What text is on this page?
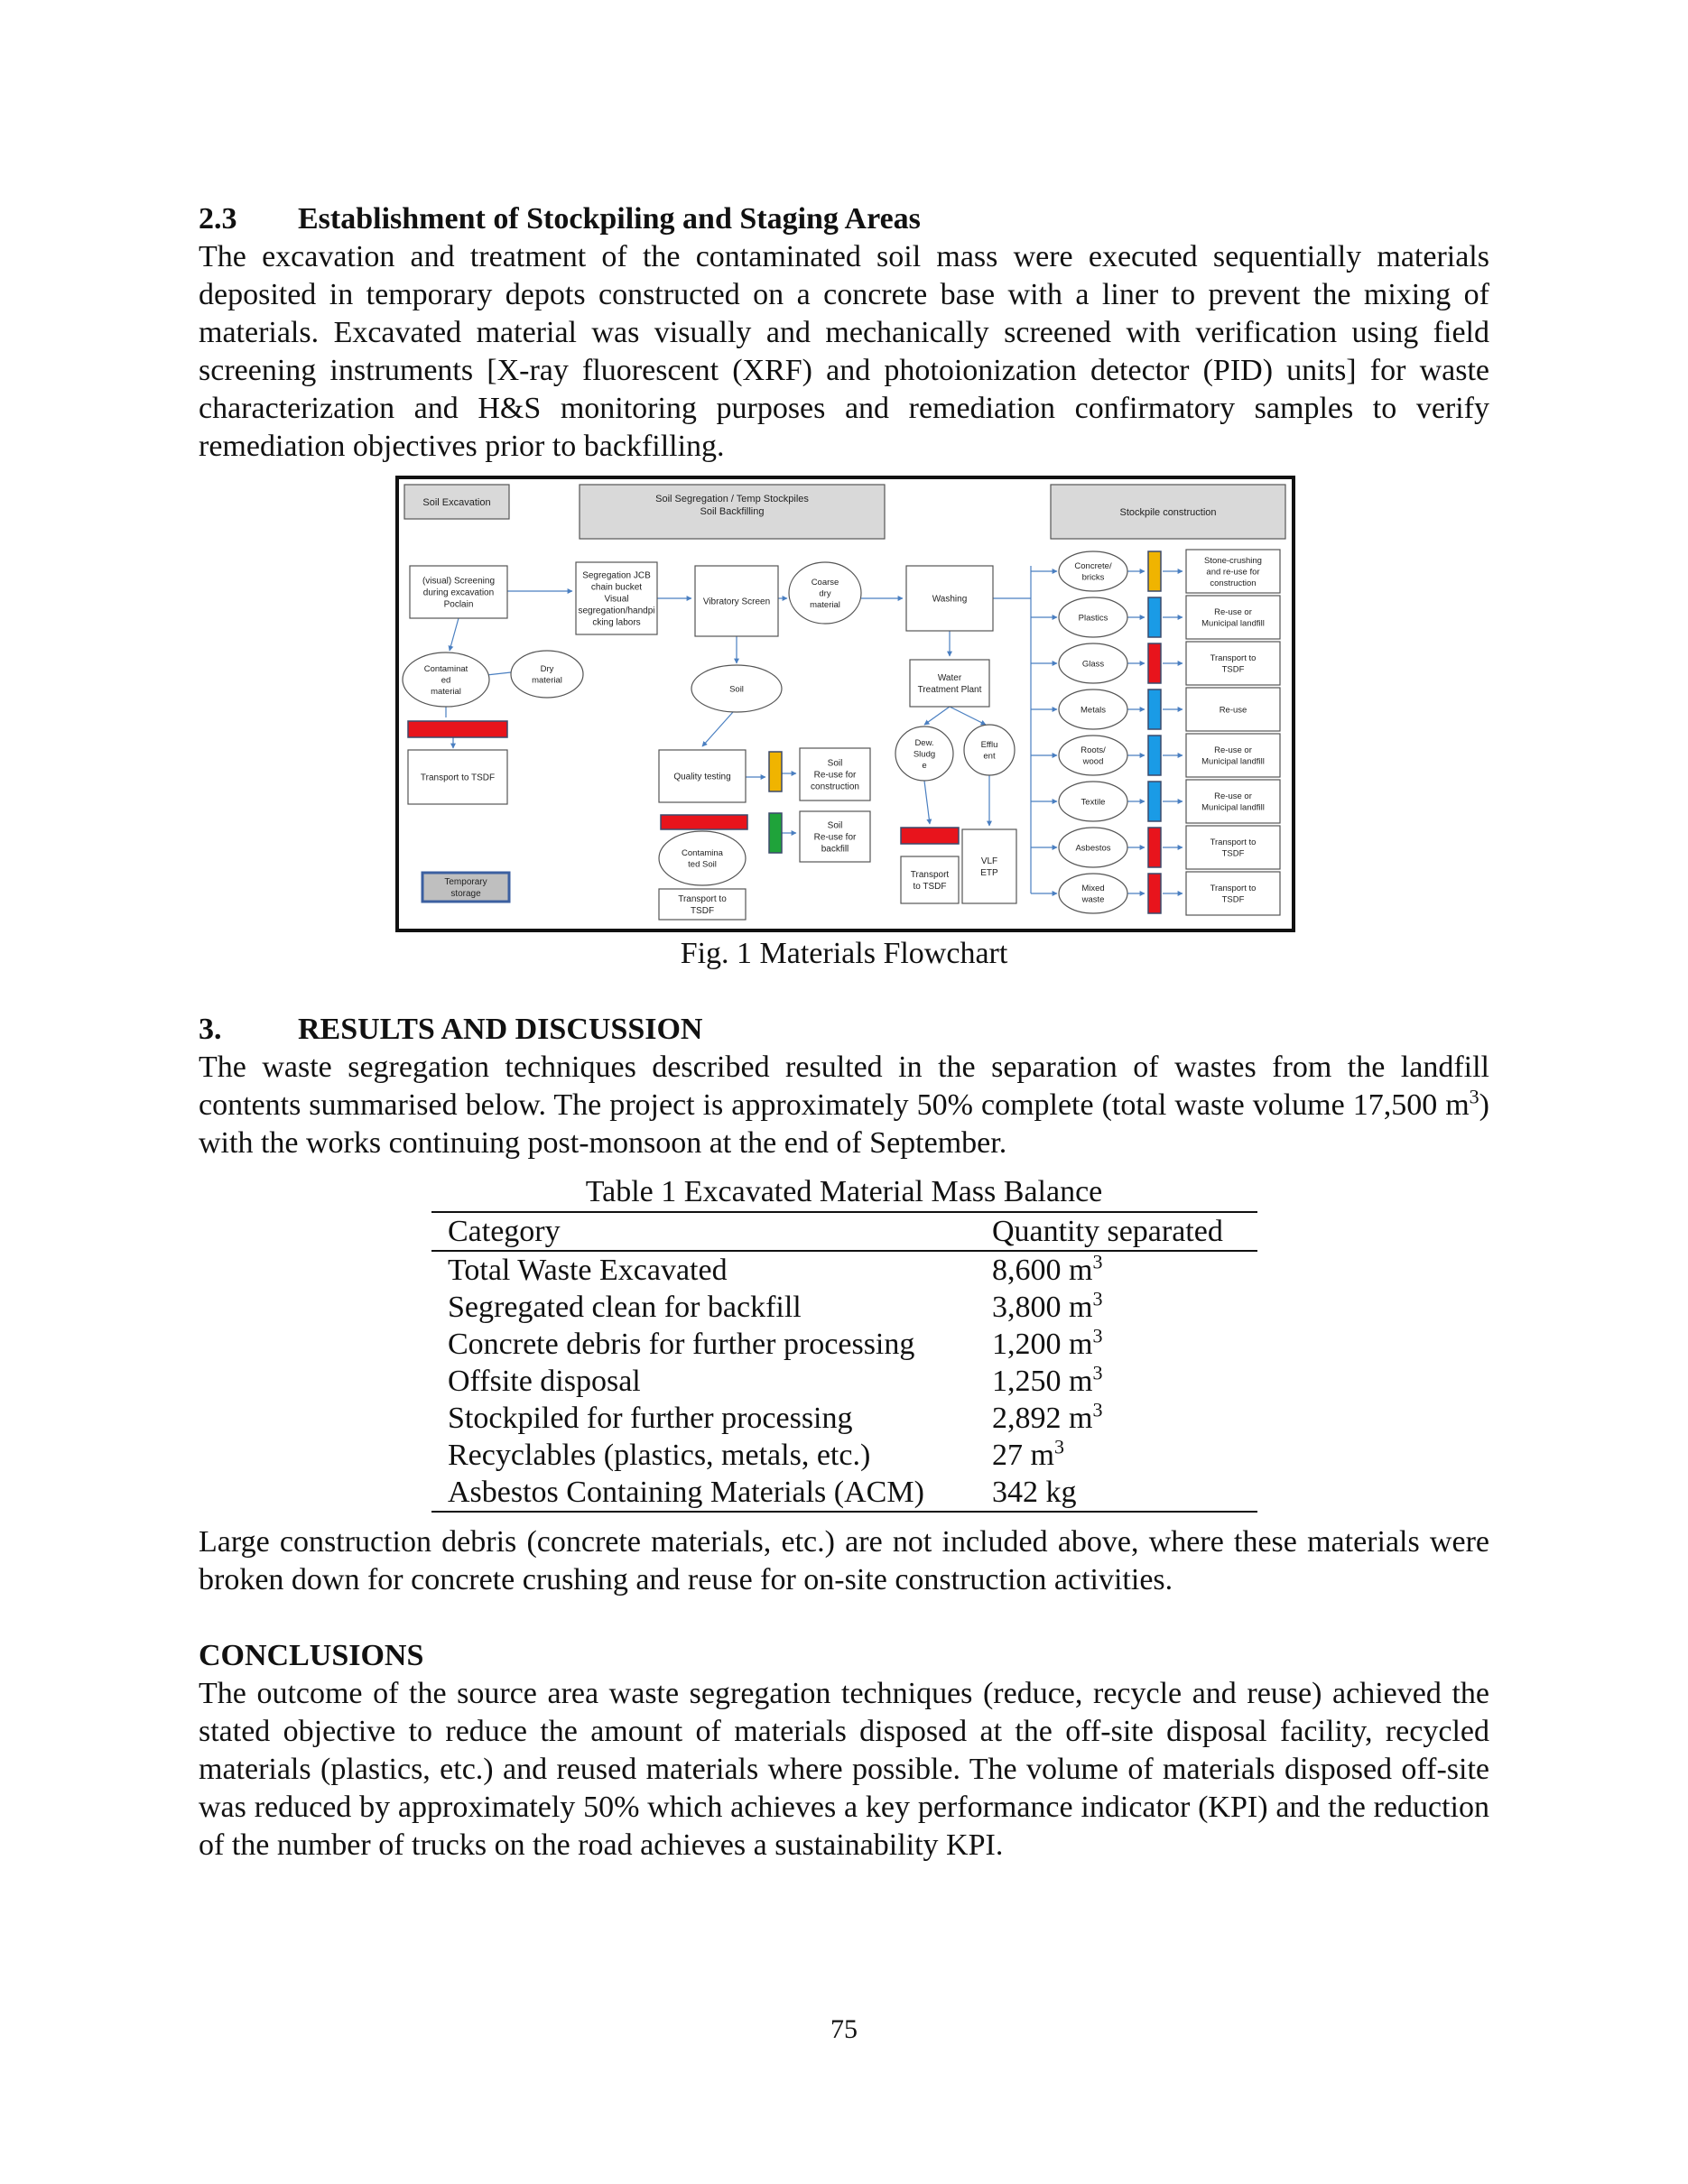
2.3 Establishment of Stockpiling and Staging Areas
The excavation and treatment of the contaminated soil mass were executed sequentially materials deposited in temporary depots constructed on a concrete base with a liner to prevent the mixing of materials. Excavated material was visually and mechanically screened with verification using field screening instruments [X-ray fluorescent (XRF) and photoionization detector (PID) units] for waste characterization and H&S monitoring purposes and remediation confirmatory samples to verify remediation objectives prior to backfilling.
Soil Excavation	Soil Segregation / Temp Stockpiles Soil Backfilling	Stockpile construction
(visual) Screening during excavation Poclain
Contaminat ed material
Dry material
Transport to TSDF
Temporary storage
Segregation JCB chain bucket Visual segregation/handpi cking labors
Vibratory Screen
Coarse dry material
Soil
Quality testing
Contamina ted Soil
Transport to TSDF
Soil Re-use for construction
Soil Re-use for backfill
Washing
Water Treatment Plant
Dew. Sludg e
Efflu ent
Transport to TSDF
VLF ETP
Concrete/ bricks
Stone-crushing and re-use for construction
Plastics
Re-use or Municipal landfill
Glass
Transport to TSDF
Metals	Re-use
Roots/ wood
Re-use or Municipal landfill
Textile
Re-use or Municipal landfill
Asbestos
Transport to TSDF
Mixed waste
Transport to TSDF
Fig. 1 Materials Flowchart
3. RESULTS AND DISCUSSION
The waste segregation techniques described resulted in the separation of wastes from the landfill contents summarised below. The project is approximately 50% complete (total waste volume 17,500 $m^3$) with the works continuing post-monsoon at the end of September.
Table 1 Excavated Material Mass Balance
Category	Quantity separated
Total Waste Excavated	8,600 $m^3$
Segregated clean for backfill	3,800 $m^3$
Concrete debris for further processing	1,200 $m^3$
Offsite disposal	1,250 $m^3$
Stockpiled for further processing	2,892 $m^3$
Recyclables (plastics, metals, etc.)	27 $m^3$
Asbestos Containing Materials (ACM)	342 kg
Large construction debris (concrete materials, etc.) are not included above, where these materials were broken down for concrete crushing and reuse for on-site construction activities.
CONCLUSIONS
The outcome of the source area waste segregation techniques (reduce, recycle and reuse) achieved the stated objective to reduce the amount of materials disposed at the off-site disposal facility, recycled materials (plastics, etc.) and reused materials where possible. The volume of materials disposed off-site was reduced by approximately 50% which achieves a key performance indicator (KPI) and the reduction of the number of trucks on the road achieves a sustainability KPI.
75
